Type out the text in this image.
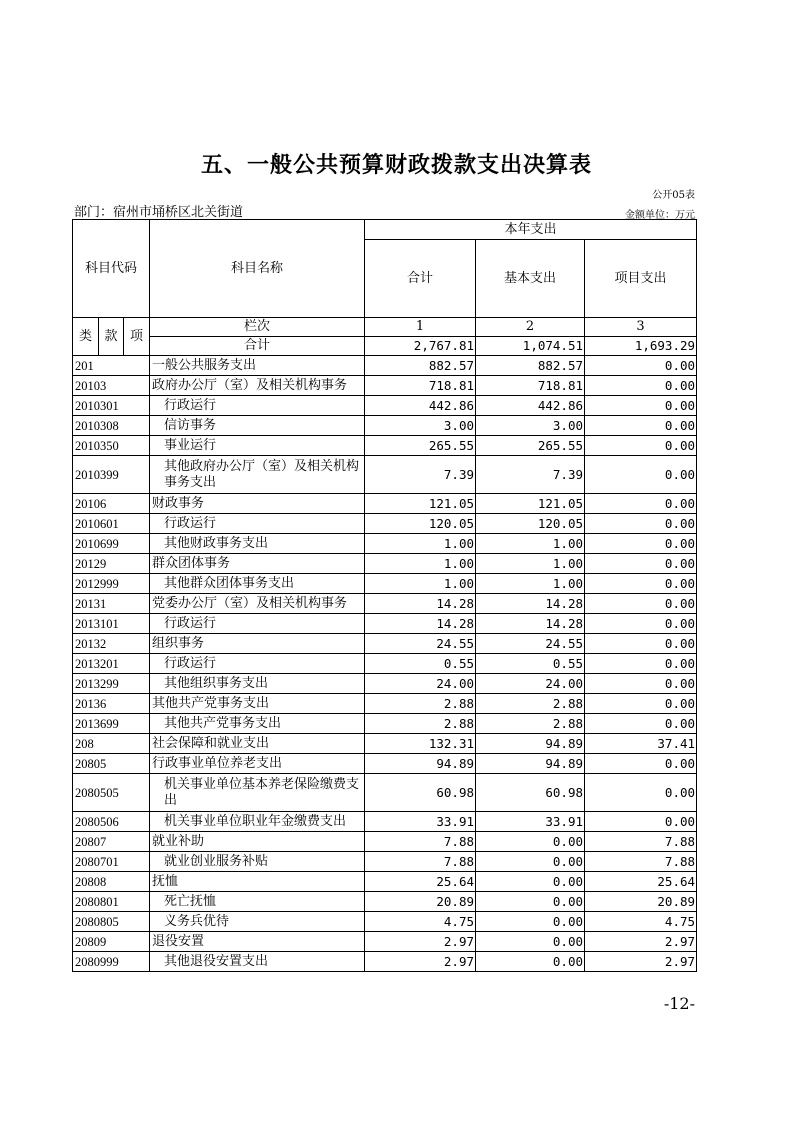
五、一般公共预算财政拨款支出决算表
公开05表
部门：宿州市埇桥区北关街道	金额单位：万元
科目代码			科目名称	本年支出		
				合计	基本支出	项目支出

类	款	项	栏次	1	2	3
			合计	2,767.81	1,074.51	1,693.29
201			一般公共服务支出	882.57	882.57	0.00
20103			政府办公厅（室）及相关机构事务	718.81	718.81	0.00
2010301			行政运行	442.86	442.86	0.00
2010308			信访事务	3.00	3.00	0.00
2010350			事业运行	265.55	265.55	0.00
2010399			其他政府办公厅（室）及相关机构事务支出	7.39	7.39	0.00
20106			财政事务	121.05	121.05	0.00
2010601			行政运行	120.05	120.05	0.00
2010699			其他财政事务支出	1.00	1.00	0.00
20129			群众团体事务	1.00	1.00	0.00
2012999			其他群众团体事务支出	1.00	1.00	0.00
20131			党委办公厅（室）及相关机构事务	14.28	14.28	0.00
2013101			行政运行	14.28	14.28	0.00
20132			组织事务	24.55	24.55	0.00
2013201			行政运行	0.55	0.55	0.00
2013299			其他组织事务支出	24.00	24.00	0.00
20136			其他共产党事务支出	2.88	2.88	0.00
2013699			其他共产党事务支出	2.88	2.88	0.00
208			社会保障和就业支出	132.31	94.89	37.41
20805			行政事业单位养老支出	94.89	94.89	0.00
2080505			机关事业单位基本养老保险缴费支出	60.98	60.98	0.00
2080506			机关事业单位职业年金缴费支出	33.91	33.91	0.00
20807			就业补助	7.88	0.00	7.88
2080701			就业创业服务补贴	7.88	0.00	7.88
20808			抚恤	25.64	0.00	25.64
2080801			死亡抚恤	20.89	0.00	20.89
2080805			义务兵优待	4.75	0.00	4.75
20809			退役安置	2.97	0.00	2.97
2080999			其他退役安置支出	2.97	0.00	2.97
-12-
